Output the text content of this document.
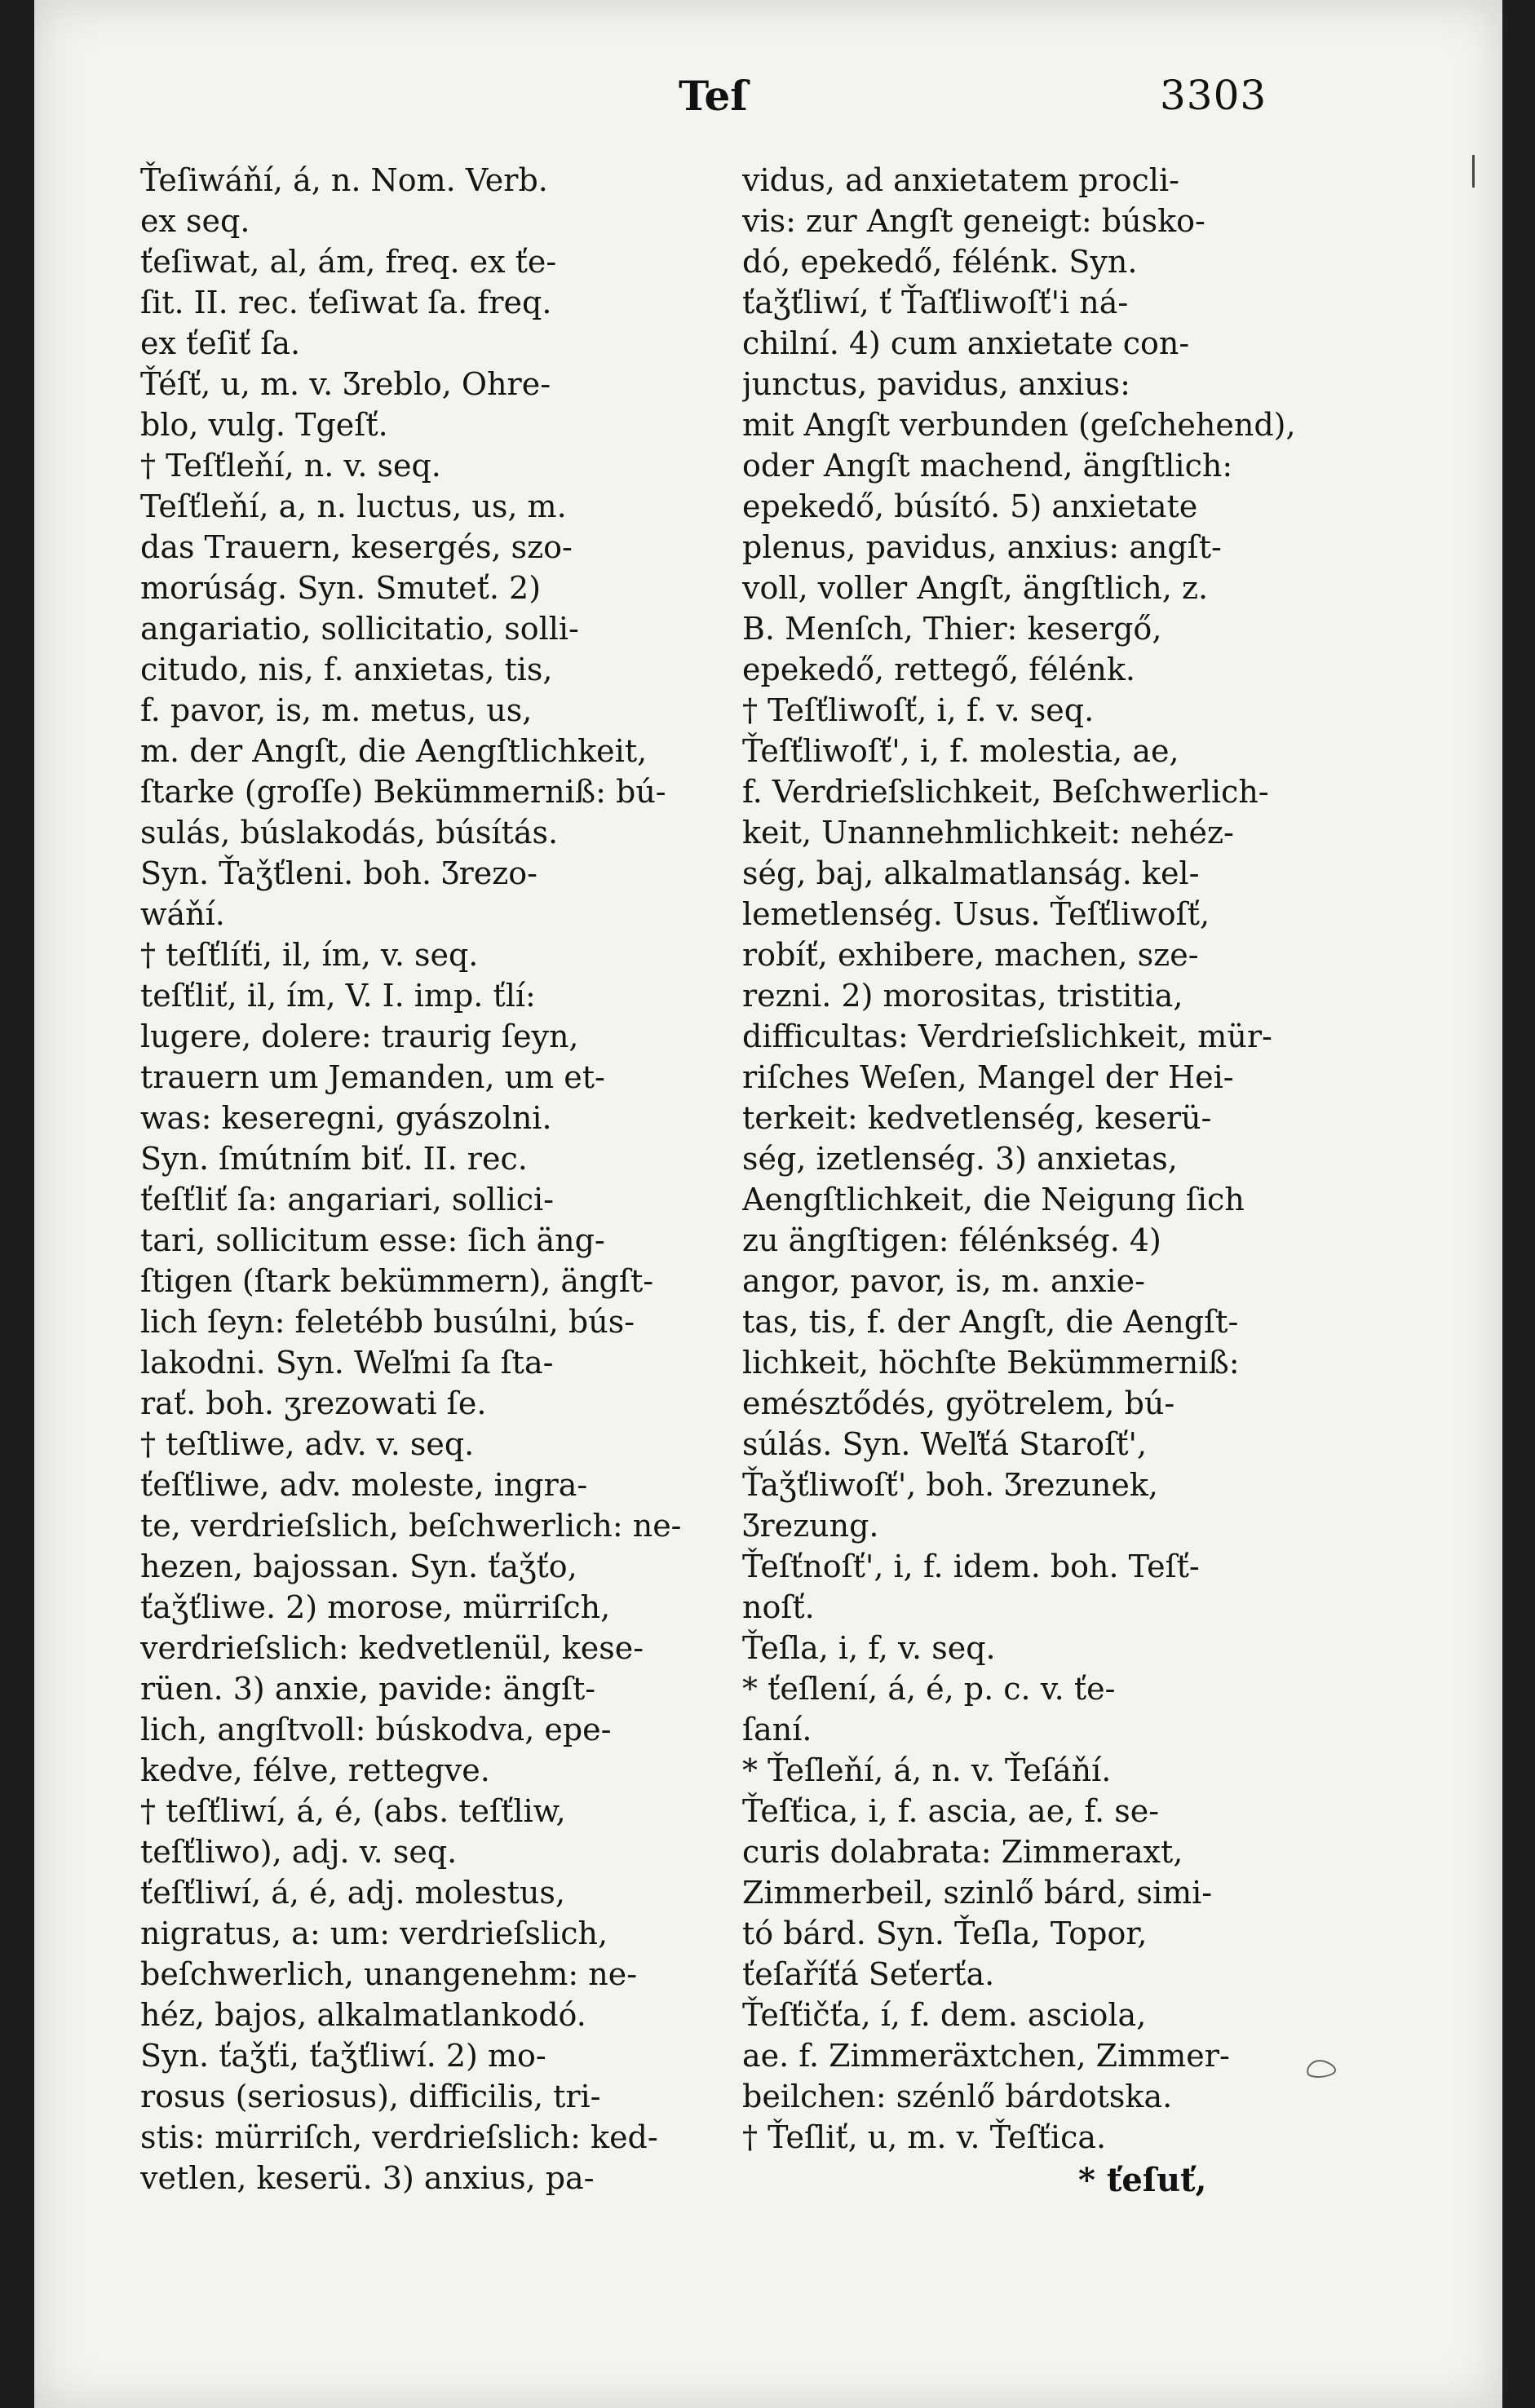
Teſ	3303
Ťeſiwáňí, á, n. Nom. Verb.
ex seq.
ťeſiwat, al, ám, freq. ex ťe-
ſit. II. rec. ťeſiwat ſa. freq.
ex ťeſiť ſa.
Ťéſť, u, m. v. Ʒreblo, Ohre-
blo, vulg. Tgeſť.
† Teſťleňí, n. v. seq.
Teſťleňí, a, n. luctus, us, m.
das Trauern, kesergés, szo-
morúság. Syn. Smuteť. 2)
angariatio, sollicitatio, solli-
citudo, nis, f. anxietas, tis,
f. pavor, is, m. metus, us,
m. der Angſt, die Aengſtlichkeit,
ſtarke (groſſe) Bekümmerniß: bú-
sulás, búslakodás, búsítás.
Syn. Ťaǯťleni. boh. Ʒrezo-
wáňí.
† teſťlíťi, il, ím, v. seq.
teſťliť, il, ím, V. I. imp. ťlí:
lugere, dolere: traurig ſeyn,
trauern um Jemanden, um et-
was: keseregni, gyászolni.
Syn. ſmútním biť. II. rec.
ťeſťliť ſa: angariari, sollici-
tari, sollicitum esse: ſich äng-
ſtigen (ſtark bekümmern), ängſt-
lich ſeyn: feletébb busúlni, bús-
lakodni. Syn. Weľmi ſa ſta-
rať. boh. ʒrezowati ſe.
† teſtliwe, adv. v. seq.
ťeſťliwe, adv. moleste, ingra-
te, verdrieſslich, beſchwerlich: ne-
hezen, bajossan. Syn. ťaǯťo,
ťaǯťliwe. 2) morose, mürriſch,
verdrieſslich: kedvetlenül, kese-
rüen. 3) anxie, pavide: ängſt-
lich, angſtvoll: búskodva, epe-
kedve, félve, rettegve.
† teſťliwí, á, é, (abs. teſťliw,
teſťliwo), adj. v. seq.
ťeſťliwí, á, é, adj. molestus,
nigratus, a: um: verdrieſslich,
beſchwerlich, unangenehm: ne-
héz, bajos, alkalmatlankodó.
Syn. ťaǯťi, ťaǯťliwí. 2) mo-
rosus (seriosus), difficilis, tri-
stis: mürriſch, verdrieſslich: ked-
vetlen, keserü. 3) anxius, pa-
vidus, ad anxietatem procli-
vis: zur Angſt geneigt: búsko-
dó, epekedő, félénk. Syn.
ťaǯťliwí, ť Ťaſťliwoſť'i ná-
chilní. 4) cum anxietate con-
junctus, pavidus, anxius:
mit Angſt verbunden (geſchehend),
oder Angſt machend, ängſtlich:
epekedő, búsító. 5) anxietate
plenus, pavidus, anxius: angſt-
voll, voller Angſt, ängſtlich, z.
B. Menſch, Thier: kesergő,
epekedő, rettegő, félénk.
† Teſťliwoſť, i, f. v. seq.
Ťeſťliwoſť', i, f. molestia, ae,
f. Verdrieſslichkeit, Beſchwerlich-
keit, Unannehmlichkeit: nehéz-
ség, baj, alkalmatlanság. kel-
lemetlenség. Usus. Ťeſťliwoſť,
robíť, exhibere, machen, sze-
rezni. 2) morositas, tristitia,
difficultas: Verdrieſslichkeit, mür-
riſches Weſen, Mangel der Hei-
terkeit: kedvetlenség, keserü-
ség, izetlenség. 3) anxietas,
Aengſtlichkeit, die Neigung ſich
zu ängſtigen: félénkség. 4)
angor, pavor, is, m. anxie-
tas, tis, f. der Angſt, die Aengſt-
lichkeit, höchſte Bekümmerniß:
emésztődés, gyötrelem, bú-
súlás. Syn. Weľťá Staroſť',
Ťaǯťliwoſť', boh. Ʒrezunek,
Ʒrezung.
Ťeſťnoſť', i, f. idem. boh. Teſť-
noſť.
Ťeſla, i, f, v. seq.
* ťeſlení, á, é, p. c. v. ťe-
ſaní.
* Ťeſleňí, á, n. v. Ťeſáňí.
Ťeſťica, i, f. ascia, ae, f. se-
curis dolabrata: Zimmeraxt,
Zimmerbeil, szinlő bárd, simi-
tó bárd. Syn. Ťeſla, Topor,
ťeſaříťá Seťerťa.
Ťeſťičťa, í, f. dem. asciola,
ae. f. Zimmeräxtchen, Zimmer-
beilchen: szénlő bárdotska.
† Ťeſliť, u, m. v. Ťeſťica.
* ťeſuť,
